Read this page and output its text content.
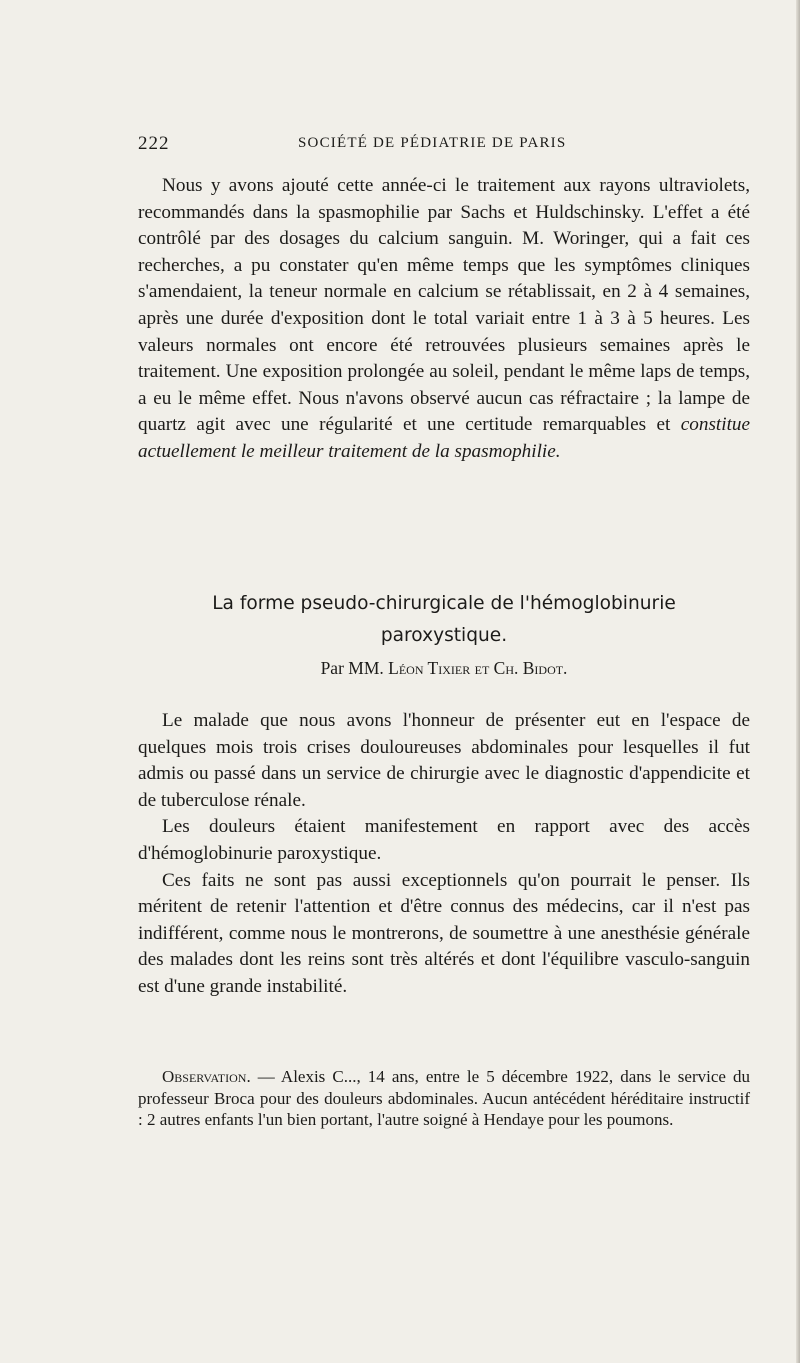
222	SOCIÉTÉ DE PÉDIATRIE DE PARIS

Nous y avons ajouté cette année-ci le traitement aux rayons ultraviolets, recommandés dans la spasmophilie par Sachs et Huldschinsky. L'effet a été contrôlé par des dosages du calcium sanguin. M. Woringer, qui a fait ces recherches, a pu constater qu'en même temps que les symptômes cliniques s'amendaient, la teneur normale en calcium se rétablissait, en 2 à 4 semaines, après une durée d'exposition dont le total variait entre 1 à 3 à 5 heures. Les valeurs normales ont encore été retrouvées plusieurs semaines après le traitement. Une exposition prolongée au soleil, pendant le même laps de temps, a eu le même effet. Nous n'avons observé aucun cas réfractaire ; la lampe de quartz agit avec une régularité et une certitude remarquables et constitue actuellement le meilleur traitement de la spasmophilie.

La forme pseudo-chirurgicale de l'hémoglobinurie
paroxystique.
Par MM. Léon Tixier et Ch. Bidot.

Le malade que nous avons l'honneur de présenter eut en l'espace de quelques mois trois crises douloureuses abdominales pour lesquelles il fut admis ou passé dans un service de chirurgie avec le diagnostic d'appendicite et de tuberculose rénale.

Les douleurs étaient manifestement en rapport avec des accès d'hémoglobinurie paroxystique.

Ces faits ne sont pas aussi exceptionnels qu'on pourrait le penser. Ils méritent de retenir l'attention et d'être connus des médecins, car il n'est pas indifférent, comme nous le montrerons, de soumettre à une anesthésie générale des malades dont les reins sont très altérés et dont l'équilibre vasculo-sanguin est d'une grande instabilité.

Observation. — Alexis C..., 14 ans, entre le 5 décembre 1922, dans le service du professeur Broca pour des douleurs abdominales. Aucun antécédent héréditaire instructif : 2 autres enfants l'un bien portant, l'autre soigné à Hendaye pour les poumons.
